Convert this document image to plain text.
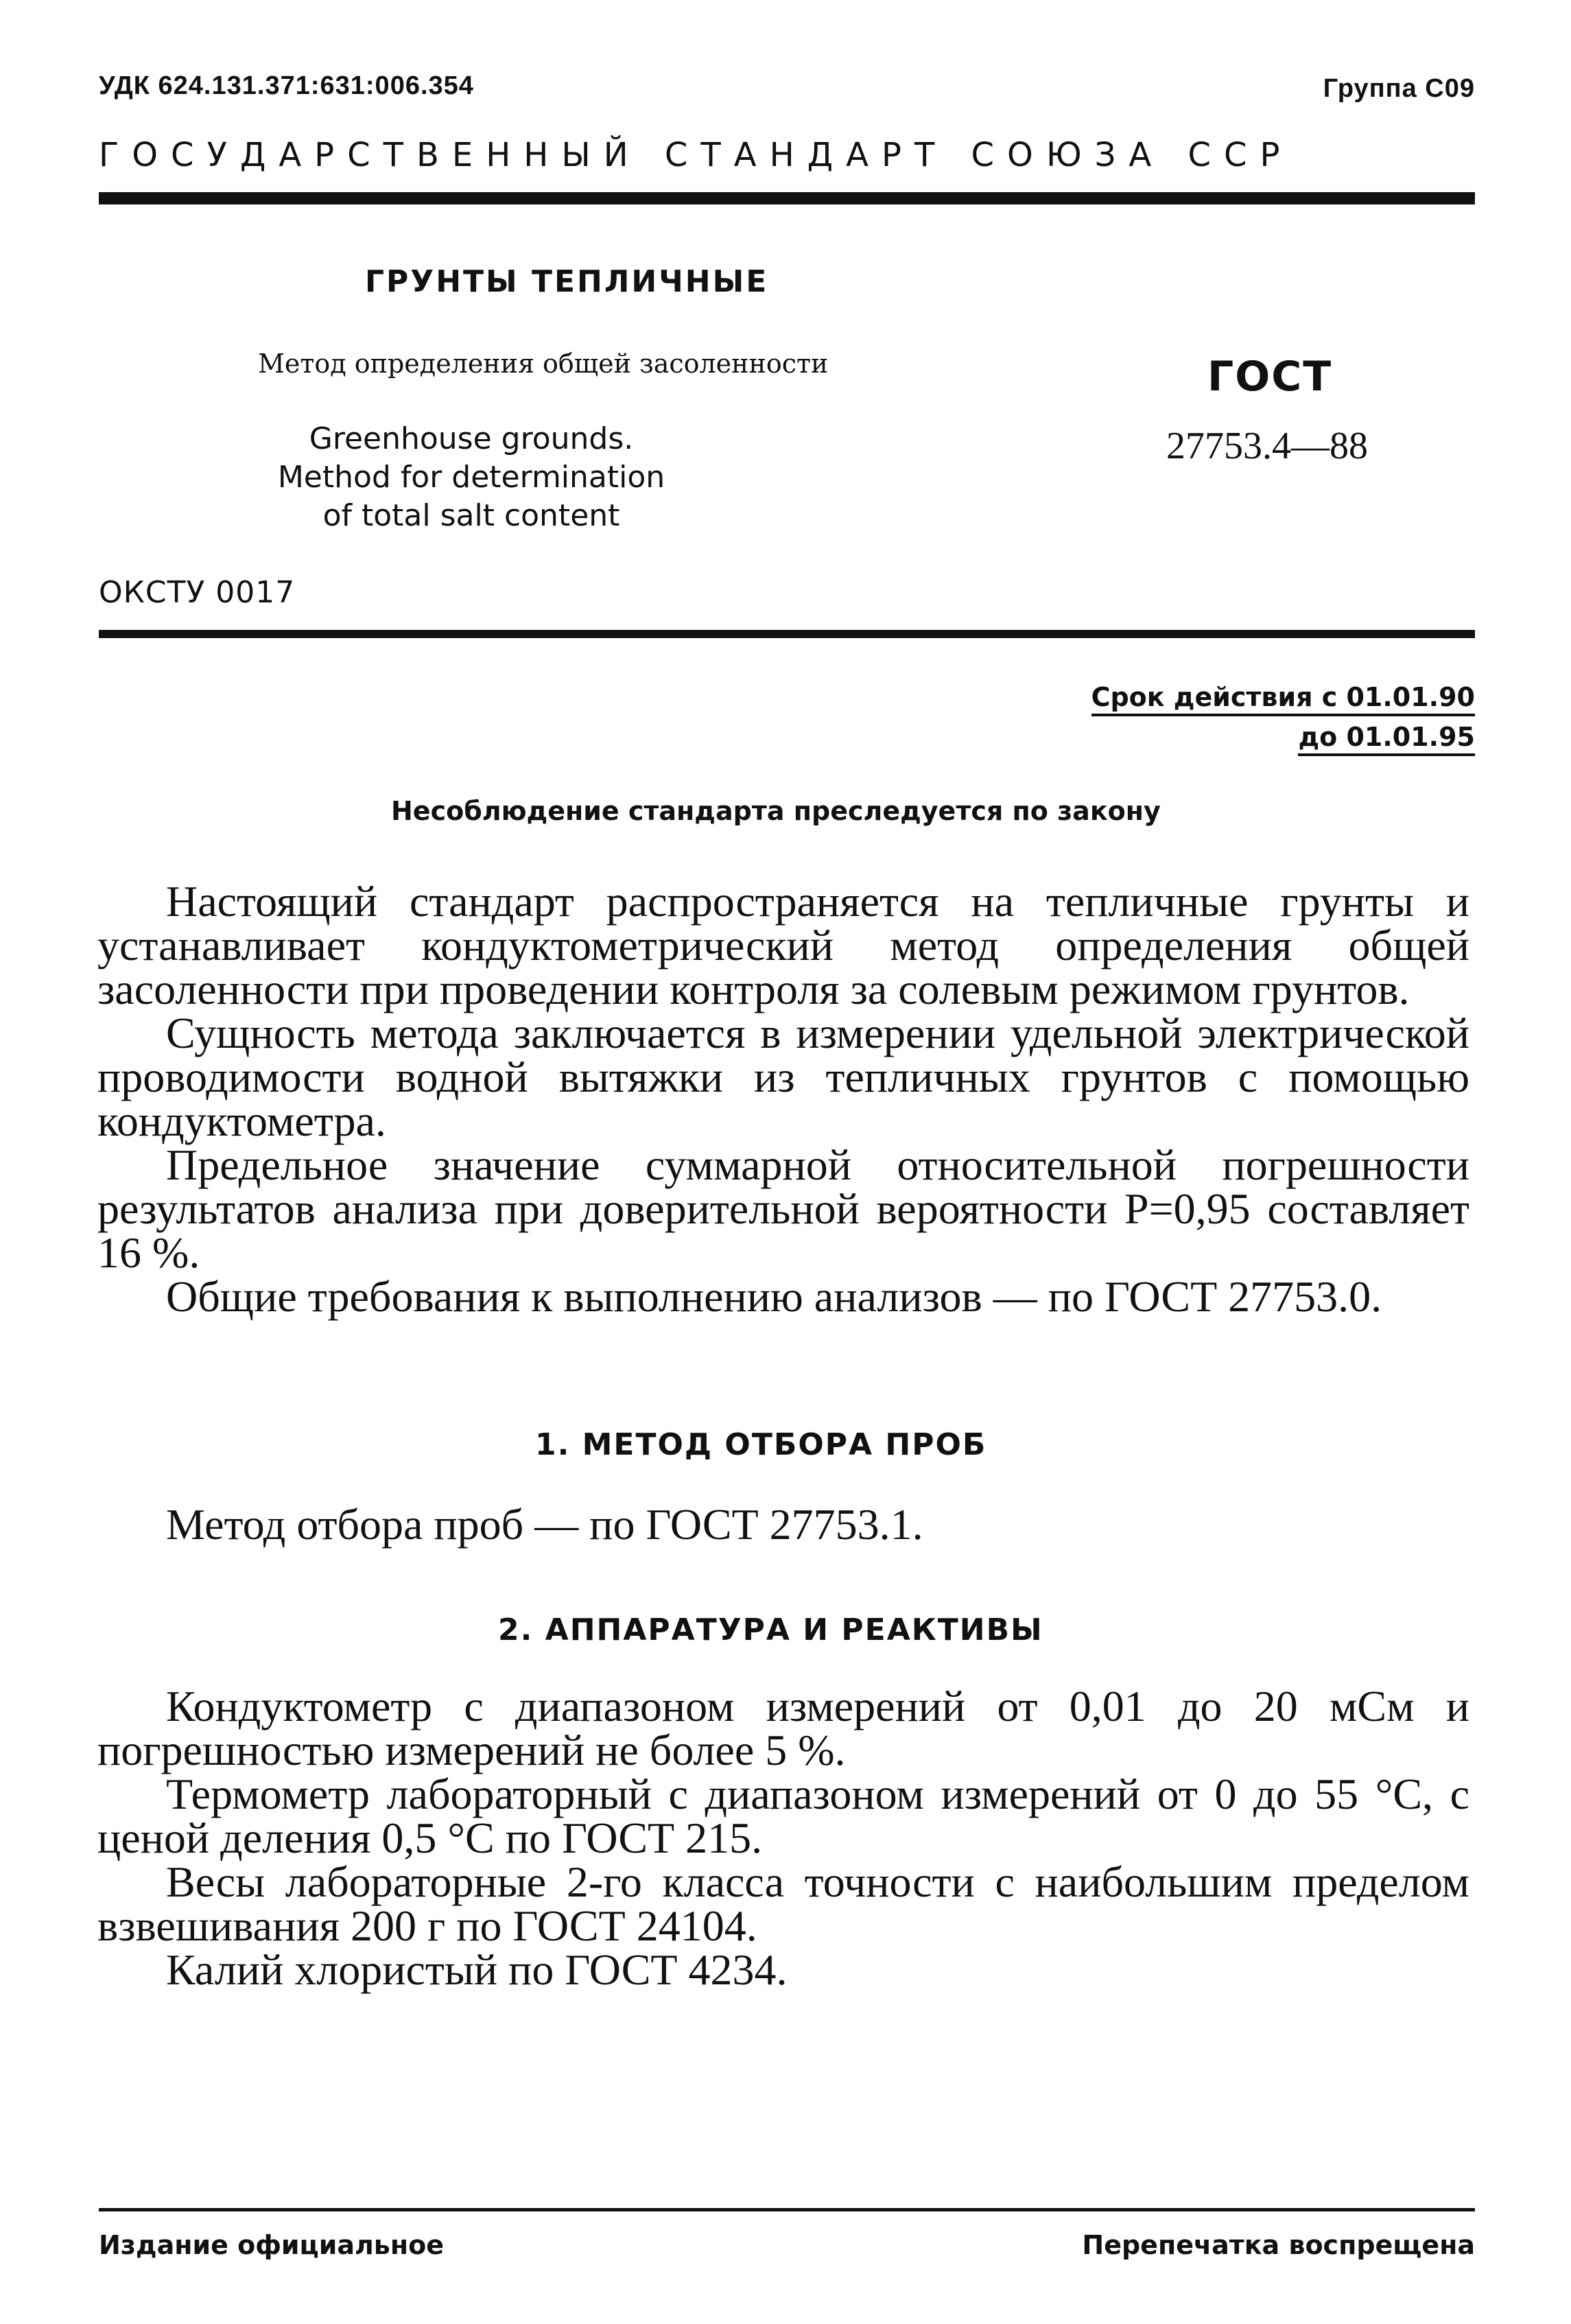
УДК 624.131.371:631:006.354	Группа С09
ГОСУДАРСТВЕННЫЙ СТАНДАРТ СОЮЗА ССР
ГРУНТЫ ТЕПЛИЧНЫЕ
Метод определения общей засоленности
Greenhouse grounds.
Method for determination
of total salt content
ГОСТ
27753.4—88
ОКСТУ 0017
Срок действия с 01.01.90
до 01.01.95
Несоблюдение стандарта преследуется по закону

Настоящий стандарт распространяется на тепличные грунты и устанавливает кондуктометрический метод определения общей засоленности при проведении контроля за солевым режимом грунтов.

Сущность метода заключается в измерении удельной электрической проводимости водной вытяжки из тепличных грунтов с помощью кондуктометра.

Предельное значение суммарной относительной погрешности результатов анализа при доверительной вероятности Р=0,95 составляет 16 %.

Общие требования к выполнению анализов — по ГОСТ 27753.0.

1. МЕТОД ОТБОРА ПРОБ

Метод отбора проб — по ГОСТ 27753.1.

2. АППАРАТУРА И РЕАКТИВЫ

Кондуктометр с диапазоном измерений от 0,01 до 20 мСм и погрешностью измерений не более 5 %.

Термометр лабораторный с диапазоном измерений от 0 до 55 °С, с ценой деления 0,5 °С по ГОСТ 215.

Весы лабораторные 2-го класса точности с наибольшим пределом взвешивания 200 г по ГОСТ 24104.

Калий хлористый по ГОСТ 4234.

Издание официальное	Перепечатка воспрещена
